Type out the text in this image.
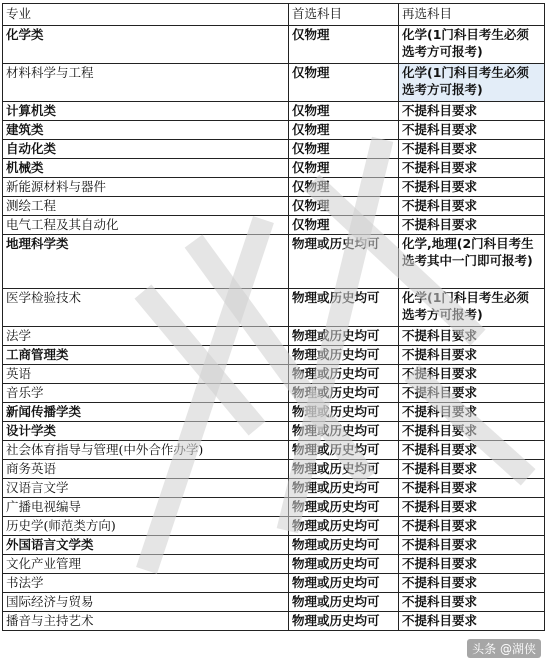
专业	首选科目	再选科目
化学类	仅物理	化学(1门科目考生必须选考方可报考)
材料科学与工程	仅物理	化学(1门科目考生必须选考方可报考)
计算机类	仅物理	不提科目要求
建筑类	仅物理	不提科目要求
自动化类	仅物理	不提科目要求
机械类	仅物理	不提科目要求
新能源材料与器件	仅物理	不提科目要求
测绘工程	仅物理	不提科目要求
电气工程及其自动化	仅物理	不提科目要求
地理科学类	物理或历史均可	化学,地理(2门科目考生选考其中一门即可报考)
医学检验技术	物理或历史均可	化学(1门科目考生必须 选考方可报考)
法学	物理或历史均可	不提科目要求
工商管理类	物理或历史均可	不提科目要求
英语	物理或历史均可	不提科目要求
音乐学	物理或历史均可	不提科目要求
新闻传播学类	物理或历史均可	不提科目要求
设计学类	物理或历史均可	不提科目要求
社会体育指导与管理(中外合作办学)	物理或历史均可	不提科目要求
商务英语	物理或历史均可	不提科目要求
汉语言文学	物理或历史均可	不提科目要求
广播电视编导	物理或历史均可	不提科目要求
历史学(师范类方向)	物理或历史均可	不提科目要求
外国语言文学类	物理或历史均可	不提科目要求
文化产业管理	物理或历史均可	不提科目要求
书法学	物理或历史均可	不提科目要求
国际经济与贸易	物理或历史均可	不提科目要求
播音与主持艺术	物理或历史均可	不提科目要求
头条 @湖侠
